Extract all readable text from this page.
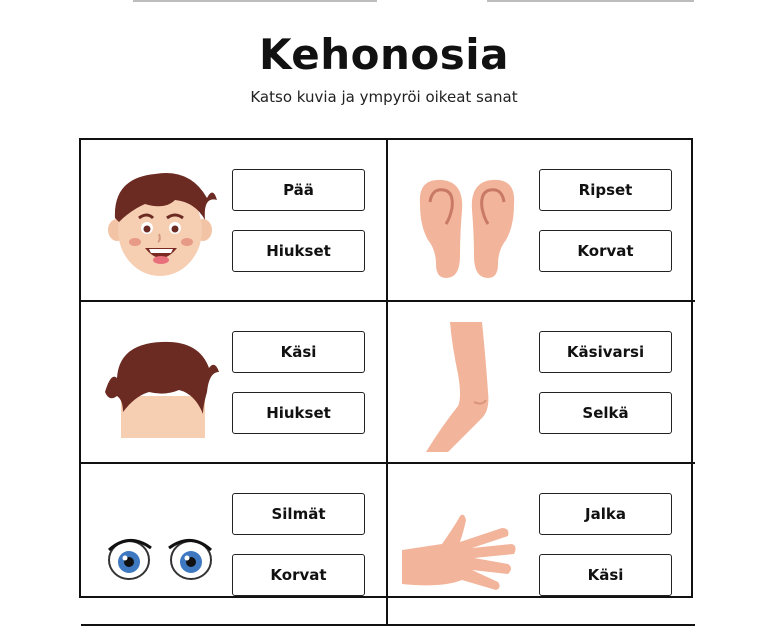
Kehonosia

Katso kuvia ja ympyröi oikeat sanat

Pää
Hiukset
Ripset
Korvat
Käsi
Hiukset
Käsivarsi
Selkä
Silmät
Korvat
Jalka
Käsi
